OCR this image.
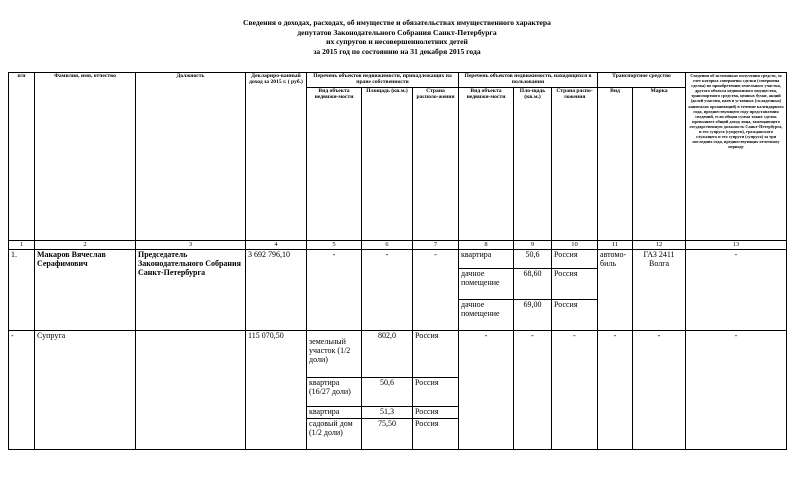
Сведения о доходах, расходах, об имуществе и обязательствах имущественного характера
депутатов Законодательного Собрания Санкт-Петербурга
их супругов и несовершеннолетних детей
за 2015 год по состоянию на 31 декабря 2015 года
п/п	Фамилия, имя, отчество	Должность	Деклариро-ванный доход за 2015 г. ( руб.)	Перечень объектов недвижимости, принадлежащих на праве собственности			Перечень объектов недвижимости, находящихся в пользовании			Транспортное средство		Сведения об источниках получения средств, за счет которых совершены сделки (совершена сделка) по приобретению земельного участка, другого объекта недвижимого имущества, транспортного средства, ценных бумаг, акций (долей участия, паев в уставных (складочных) капиталах организаций) в течение календарного года, предшествующего году представления сведений, если общая сумма таких сделок превышает общий доход лица, замещающего государственную должность Санкт-Петербурга, и его супруга (супруги), гражданского служащего и его супруги (супруга) за три последних года, предшествующих отчетному периоду
				Вид объекта недвижи-мости	Площадь (кв.м.)	Страна располо-жения	Вид объекта недвижи-мости	Пло-щадь (кв.м.)	Страна распо-ложения	Вид	Марка	

1	2	3	4	5	6	7	8	9	10	11	12	13
1.	Макаров Вячеслав Серафимович	Председатель Законодательного Собрания Санкт-Петербурга	3 692 796,10	-	-	-	квартира	50,6	Россия	автомо-биль	ГАЗ 2411 Волга	-
							дачное помещение	68,60	Россия			
							дачное помещение	69,00	Россия			
-	Супруга		115 070,50	земельный участок (1/2 доли)	802,0	Россия	-	-	-	-	-	-
				квартира (16/27 доли)	50,6	Россия						
				квартира	51,3	Россия						
				садовый дом (1/2 доли)	75,50	Россия						
